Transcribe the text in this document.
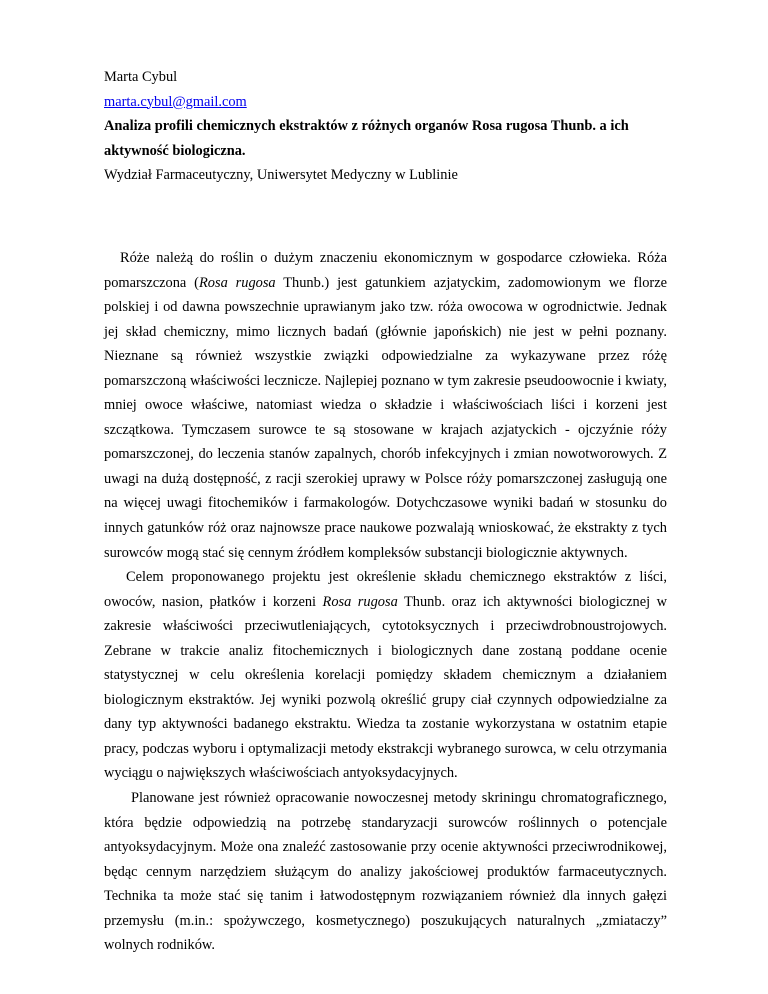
Marta Cybul
marta.cybul@gmail.com
Analiza profili chemicznych ekstraktów z różnych organów Rosa rugosa Thunb. a ich
aktywność biologiczna.
Wydział Farmaceutyczny, Uniwersytet Medyczny w Lublinie

Róże należą do roślin o dużym znaczeniu ekonomicznym w gospodarce człowieka. Róża pomarszczona (Rosa rugosa Thunb.) jest gatunkiem azjatyckim, zadomowionym we florze polskiej i od dawna powszechnie uprawianym jako tzw. róża owocowa w ogrodnictwie. Jednak jej skład chemiczny, mimo licznych badań (głównie japońskich) nie jest w pełni poznany. Nieznane są również wszystkie związki odpowiedzialne za wykazywane przez różę pomarszczoną właściwości lecznicze. Najlepiej poznano w tym zakresie pseudoowocnie i kwiaty, mniej owoce właściwe, natomiast wiedza o składzie i właściwościach liści i korzeni jest szczątkowa. Tymczasem surowce te są stosowane w krajach azjatyckich - ojczyźnie róży pomarszczonej, do leczenia stanów zapalnych, chorób infekcyjnych i zmian nowotworowych. Z uwagi na dużą dostępność, z racji szerokiej uprawy w Polsce róży pomarszczonej zasługują one na więcej uwagi fitochemików i farmakologów. Dotychczasowe wyniki badań w stosunku do innych gatunków róż oraz najnowsze prace naukowe pozwalają wnioskować, że ekstrakty z tych surowców mogą stać się cennym źródłem kompleksów substancji biologicznie aktywnych.

Celem proponowanego projektu jest określenie składu chemicznego ekstraktów z liści, owoców, nasion, płatków i korzeni Rosa rugosa Thunb. oraz ich aktywności biologicznej w zakresie właściwości przeciwutleniających, cytotoksycznych i przeciwdrobnoustrojowych. Zebrane w trakcie analiz fitochemicznych i biologicznych dane zostaną poddane ocenie statystycznej w celu określenia korelacji pomiędzy składem chemicznym a działaniem biologicznym ekstraktów. Jej wyniki pozwolą określić grupy ciał czynnych odpowiedzialne za dany typ aktywności badanego ekstraktu. Wiedza ta zostanie wykorzystana w ostatnim etapie pracy, podczas wyboru i optymalizacji metody ekstrakcji wybranego surowca, w celu otrzymania wyciągu o największych właściwościach antyoksydacyjnych.

Planowane jest również opracowanie nowoczesnej metody skriningu chromatograficznego, która będzie odpowiedzią na potrzebę standaryzacji surowców roślinnych o potencjale antyoksydacyjnym. Może ona znaleźć zastosowanie przy ocenie aktywności przeciwrodnikowej, będąc cennym narzędziem służącym do analizy jakościowej produktów farmaceutycznych. Technika ta może stać się tanim i łatwodostępnym rozwiązaniem również dla innych gałęzi przemysłu (m.in.: spożywczego, kosmetycznego) poszukujących naturalnych „zmiataczy” wolnych rodników.
